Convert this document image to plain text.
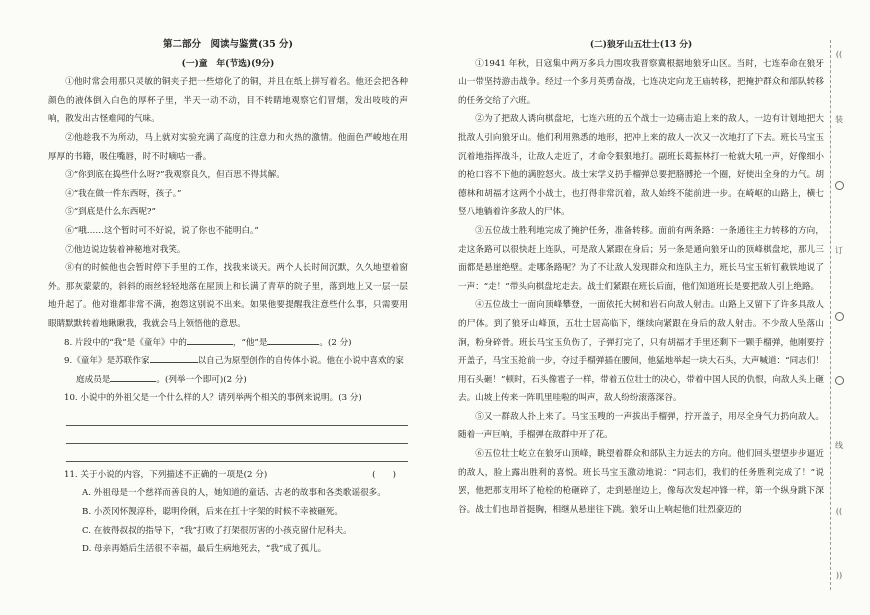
第二部分　阅读与鉴赏(35 分)
(一)童　年(节选)(9分)

①他时常会用那只灵敏的铜夹子把一些熔化了的铜，并且在纸上拼写着名。他还会把各种颜色的液体倒入白色的厚杯子里，半天一动不动，目不转睛地观察它们冒烟，发出吱吱的声响，散发出古怪难闻的气味。

②他趁我不为所动，马上就对实验充满了高度的注意力和火热的激情。他面色严峻地在用厚厚的书籍，吸住嘴唇，时不时嘀咕一番。

③“你到底在捣些什么呀?”我观察良久，但百思不得其解。

④“我在做一件东西呀，孩子。”

⑤“到底是什么东西呢?”

⑥“哦……这个暂时可不好说，说了你也不能明白。”

⑦他边说边装着神秘地对我笑。

⑧有的时候他也会暂时停下手里的工作，找我来谈天。两个人长时间沉默，久久地望着窗外。那灰蒙蒙的，斜斜的雨丝轻轻地落在屋顶上和长满了青草的院子里，落到地上又一层一层地升起了。他对谁都非常不满，抱怨这别说不出来。如果他要提醒我注意些什么事，只需要用眼睛默默转着地瞅瞅我，我就会马上领悟他的意思。

8. 片段中的“我”是《童年》中的	，“他”是	。(2 分)
9.《童年》是苏联作家	以自己为原型创作的自传体小说。他在小说中喜欢的家
庭成员是	。(列举一个即可)(2 分)
10. 小说中的外祖父是一个什么样的人？请列举两个相关的事例来说明。(3 分)
11. 关于小说的内容，下列描述不正确的一项是(2 分)	(　　)
A. 外祖母是一个慈祥而善良的人，她知道的童话、古老的故事和各类歌谣很多。
B. 小茨冈怀觊淳朴，聪明伶俐，后来在扛十字架的时候不幸被砸死。
C. 在彼得叔叔的指导下，“我”打败了打架很厉害的小孩克留什尼科夫。
D. 母亲再婚后生活很不幸福，最后生病地死去，“我”成了孤儿。
(二)狼牙山五壮士(13 分)

①1941 年秋，日寇集中两万多兵力围攻我晋察冀根据地狼牙山区。当时，七连奉命在狼牙山一带坚持游击战争。经过一个多月英勇奋战，七连决定向龙王庙转移，把掩护群众和部队转移的任务交给了六班。

②为了把敌人诱向棋盘坨，七连六班的五个战士一边痛击追上来的敌人，一边有计划地把大批敌人引向狼牙山。他们利用熟悉的地形，把冲上来的敌人一次又一次地打了下去。班长马宝玉沉着地指挥战斗，让敌人走近了，才命令狠狠地打。副班长葛振林打一枪就大吼一声，好像细小的枪口容不下他的满腔怒火。战士宋学义扔手榴弹总要把胳膊抡一个圈，好使出全身的力气。胡德林和胡福才这两个小战士，也打得非常沉着，敌人始终不能前进一步。在崎岖的山路上，横七竖八地躺着许多敌人的尸体。

③五位战士胜利地完成了掩护任务，准备转移。面前有两条路：一条通往主力转移的方向，走这条路可以很快赶上连队，可是敌人紧跟在身后；另一条是通向狼牙山的顶峰棋盘坨，那儿三面都是悬崖绝壁。走哪条路呢？为了不让敌人发现群众和连队主力，班长马宝玉斩钉截铁地说了一声：“走！”带头向棋盘坨走去。战士们紧跟在班长后面，他们知道班长是要把敌人引上绝路。

④五位战士一面向顶峰攀登，一面依托大树和岩石向敌人射击。山路上又留下了许多具敌人的尸体。到了狼牙山峰顶，五壮士居高临下，继续向紧跟在身后的敌人射击。不少敌人坠落山涧，粉身碎骨。班长马宝玉负伤了，子弹打完了，只有胡福才手里还剩下一颗手榴弹，他刚要拧开盖子，马宝玉抢前一步，夺过手榴弹插在腰间，他猛地举起一块大石头，大声喊道：“同志们！用石头砸！”顿时，石头像雹子一样，带着五位壮士的决心，带着中国人民的仇恨，向敌人头上砸去。山坡上传来一阵叽里哇啦的叫声，敌人纷纷滚落深谷。

⑤又一群敌人扑上来了。马宝玉嗖的一声拔出手榴弹，拧开盖子，用尽全身气力扔向敌人。随着一声巨响，手榴弹在敌群中开了花。

⑥五位壮士屹立在狼牙山顶峰，眺望着群众和部队主力远去的方向。他们回头望望步步逼近的敌人，脸上露出胜利的喜悦。班长马宝玉激动地说：“同志们，我们的任务胜利完成了！”说罢，他把那支用坏了枪栓的枪砸碎了，走到悬崖边上，像每次发起冲锋一样，第一个纵身跳下深谷。战士们也昂首挺胸，相继从悬崖往下跳。狼牙山上响起他们壮烈豪迈的

((
装
订
线
((
))
